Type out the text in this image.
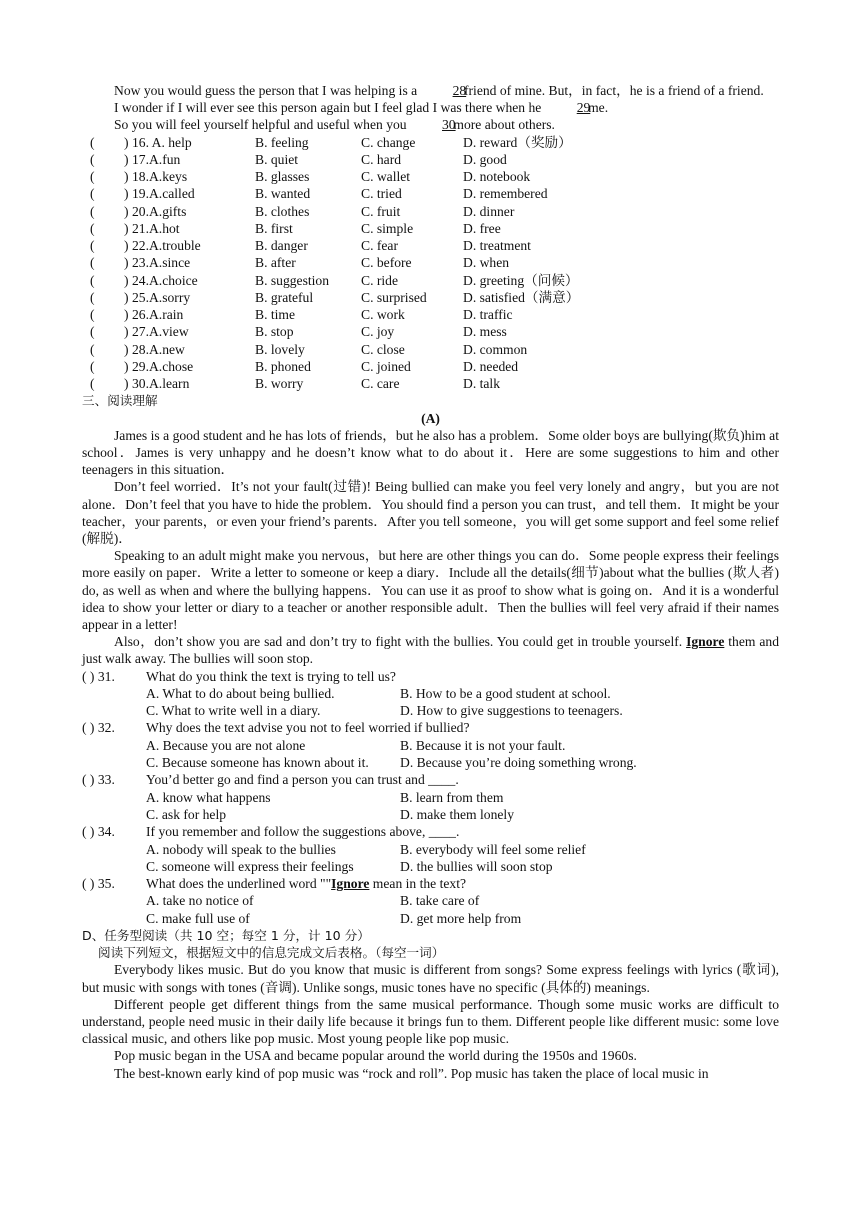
Now you would guess the person that I was helping is a	28 friend of mine. But，in fact，he is a friend of a friend.

I wonder if I will ever see this person again but I feel glad I was there when he	29 me.

So you will feel yourself helpful and useful when you	30 more about others.

( ) 16. A. help	B. feeling	C. change	D. reward（奖励）
( ) 17.A.fun	B. quiet	C. hard	D. good
( ) 18.A.keys	B. glasses	C. wallet	D. notebook
( ) 19.A.called	B. wanted	C. tried	D. remembered
( ) 20.A.gifts	B. clothes	C. fruit	D. dinner
( ) 21.A.hot	B. first	C. simple	D. free
( ) 22.A.trouble	B. danger	C. fear	D. treatment
( ) 23.A.since	B. after	C. before	D. when
( ) 24.A.choice	B. suggestion C. ride	D. greeting（问候）
( ) 25.A.sorry	B. grateful	C. surprised	D. satisfied（满意）
( ) 26.A.rain	B. time	C. work	D. traffic
( ) 27.A.view	B. stop	C. joy	D. mess
( ) 28.A.new	B. lovely	C. close	D. common
( ) 29.A.chose	B. phoned	C. joined	D. needed
( ) 30.A.learn	B. worry	C. care	D. talk
三、阅读理解
(A)

James is a good student and he has lots of friends，but he also has a problem．Some older boys are bullying(欺负)him at school．James is very unhappy and he doesn’t know what to do about it．Here are some suggestions to him and other teenagers in this situation．

Don’t feel worried．It’s not your fault(过错)! Being bullied can make you feel very lonely and angry，but you are not alone．Don’t feel that you have to hide the problem．You should find a person you can trust，and tell them．It might be your teacher，your parents，or even your friend’s parents．After you tell someone，you will get some support and feel some relief (解脱)．

Speaking to an adult might make you nervous，but here are other things you can do．Some people express their feelings more easily on paper．Write a letter to someone or keep a diary．Include all the details(细节)about what the bullies (欺人者) do, as well as when and where the bullying happens．You can use it as proof to show what is going on．And it is a wonderful idea to show your letter or diary to a teacher or another responsible adult．Then the bullies will feel very afraid if their names appear in a letter!

Also，don’t show you are sad and don’t try to fight with the bullies. You could get in trouble yourself. Ignore them and just walk away. The bullies will soon stop.

( ) 31. What do you think the text is trying to tell us?
A. What to do about being bullied.	B. How to be a good student at school.
C. What to write well in a diary.	D. How to give suggestions to teenagers.
( ) 32. Why does the text advise you not to feel worried if bullied?
A. Because you are not alone	B. Because it is not your fault.
C. Because someone has known about it. D. Because you’re doing something wrong.
( ) 33. You’d better go and find a person you can trust and ____.
A. know what happens	B. learn from them
C. ask for help	D. make them lonely
( ) 34. If you remember and follow the suggestions above, ____.
A. nobody will speak to the bullies	B. everybody will feel some relief
C. someone will express their feelings	D. the bullies will soon stop
( ) 35. What does the underlined word ""Ignore mean in the text?
A. take no notice of	B. take care of
C. make full use of	D. get more help from
D、任务型阅读（共 10 空；每空 1 分，计 10 分）
阅读下列短文，根据短文中的信息完成文后表格。（每空一词）

Everybody likes music. But do you know that music is different from songs? Some express feelings with lyrics (歌词), but music with songs with tones (音调). Unlike songs, music tones have no specific (具体的) meanings.

Different people get different things from the same musical performance. Though some music works are difficult to understand, people need music in their daily life because it brings fun to them. Different people like different music: some love classical music, and others like pop music. Most young people like pop music.

Pop music began in the USA and became popular around the world during the 1950s and 1960s.

The best-known early kind of pop music was “rock and roll”. Pop music has taken the place of local music in
